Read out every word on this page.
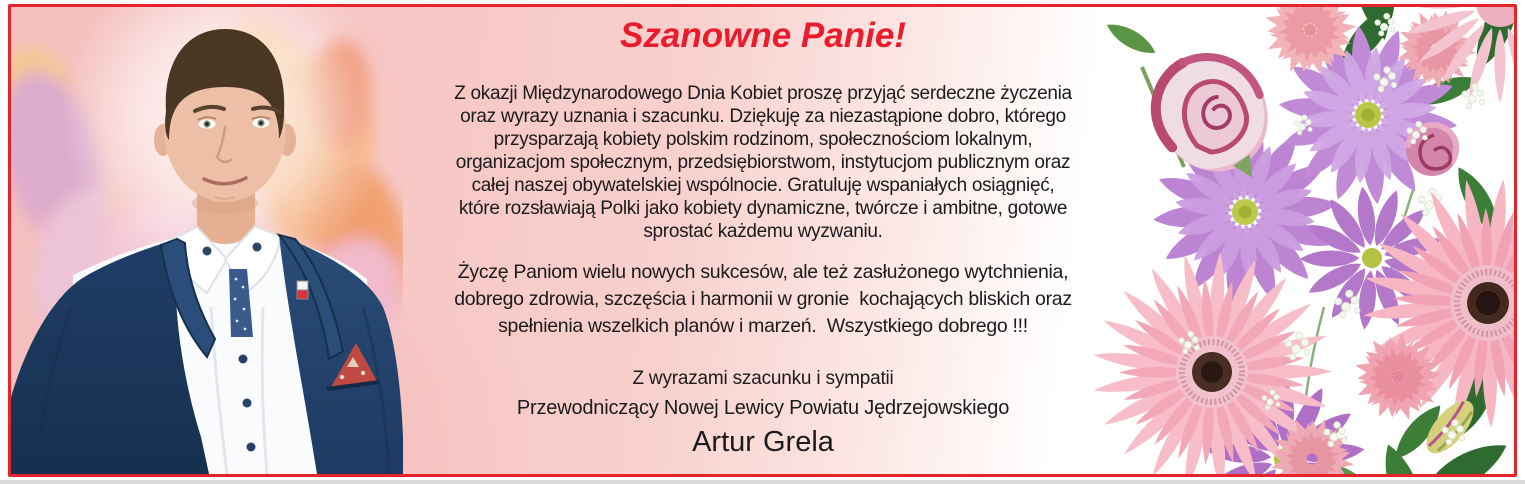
Szanowne Panie!
Z okazji Międzynarodowego Dnia Kobiet proszę przyjąć serdeczne życzenia
oraz wyrazy uznania i szacunku. Dziękuję za niezastąpione dobro, którego
przysparzają kobiety polskim rodzinom, społecznościom lokalnym,
organizacjom społecznym, przedsiębiorstwom, instytucjom publicznym oraz
całej naszej obywatelskiej wspólnocie. Gratuluję wspaniałych osiągnięć,
które rozsławiają Polki jako kobiety dynamiczne, twórcze i ambitne, gotowe
sprostać każdemu wyzwaniu.
Życzę Paniom wielu nowych sukcesów, ale też zasłużonego wytchnienia,
dobrego zdrowia, szczęścia i harmonii w gronie  kochających bliskich oraz
spełnienia wszelkich planów i marzeń.  Wszystkiego dobrego !!!
Z wyrazami szacunku i sympatii
Przewodniczący Nowej Lewicy Powiatu Jędrzejowskiego
Artur Grela
